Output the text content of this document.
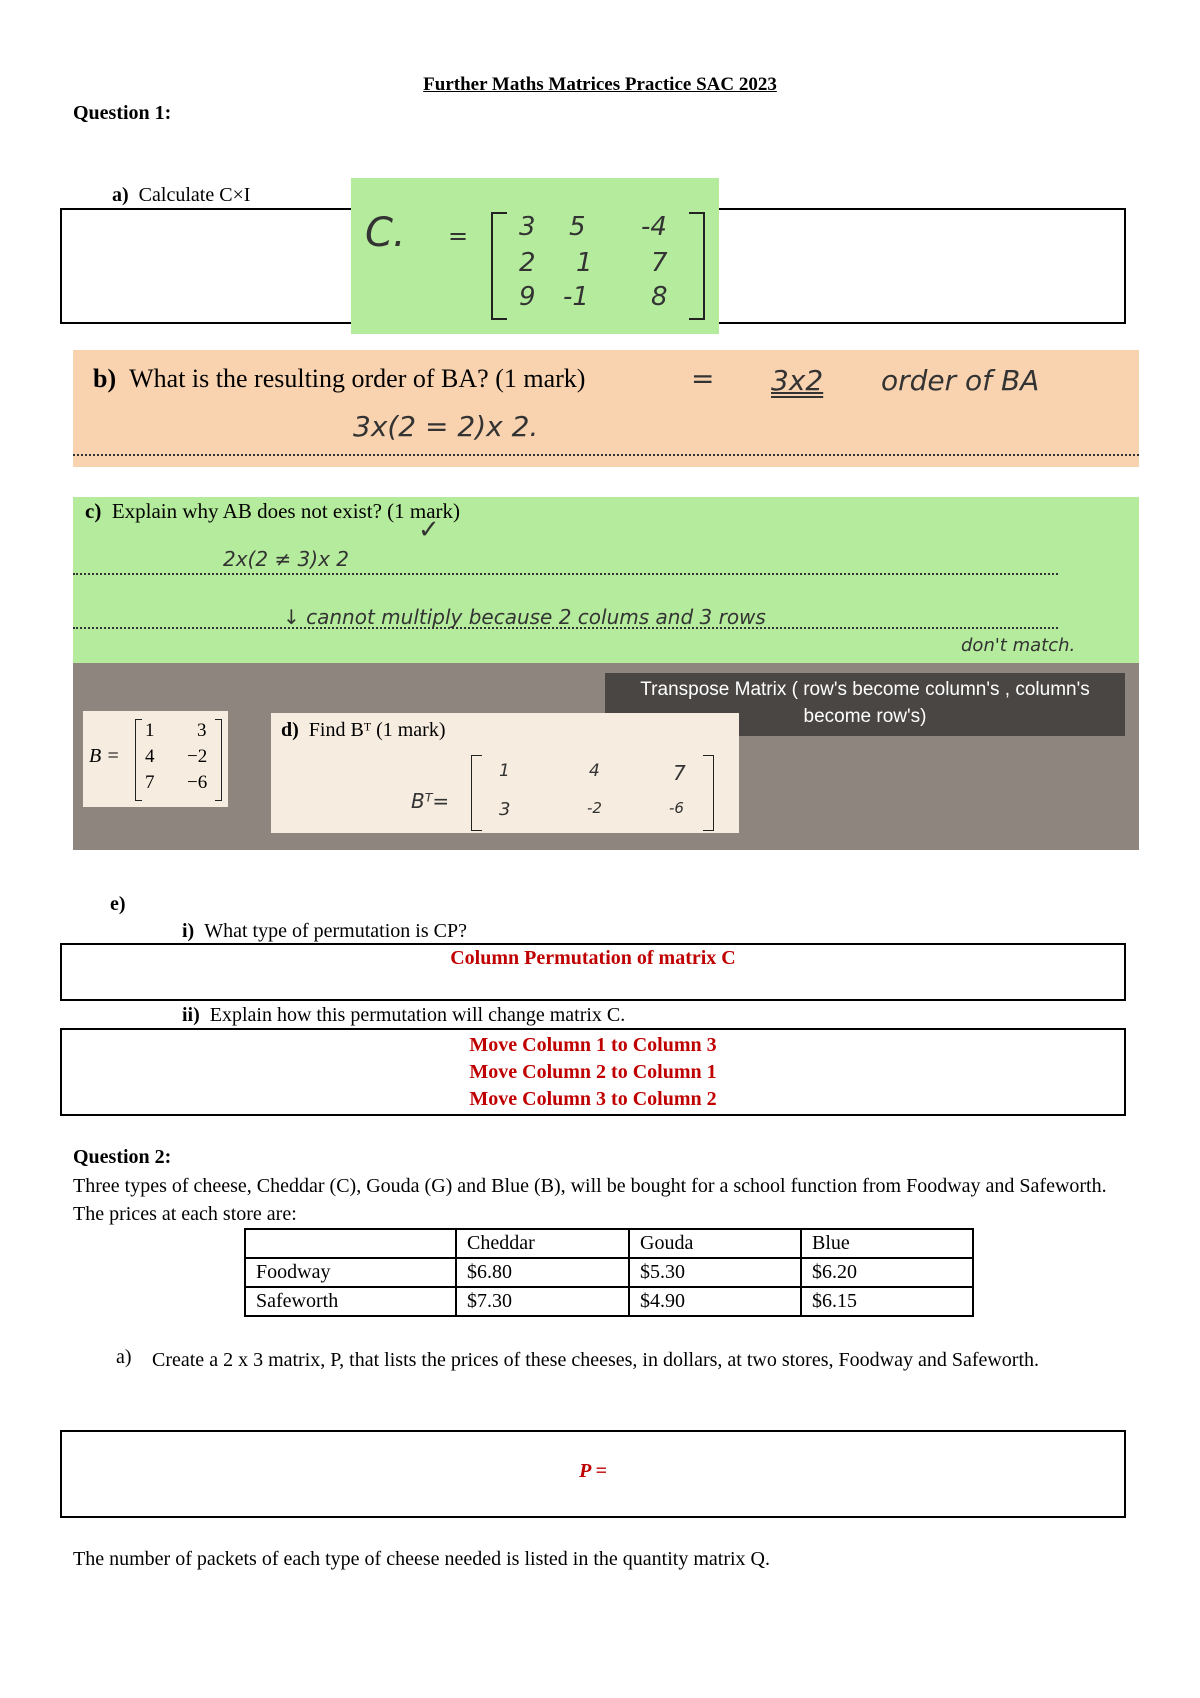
Further Maths Matrices Practice SAC 2023
Question 1:
a) Calculate C×I
C. = 3 5 -4
2 1 7
9 -1 8
b) What is the resulting order of BA? (1 mark)	= 3x2 order of BA
3x(2 = 2)x 2.
c) Explain why AB does not exist? (1 mark)
✓
2x(2 ≠ 3)x 2
↓ cannot multiply because 2 colums and 3 rows
don't match.
Transpose Matrix ( row's become column's , column's become row's)
B =
1 3
4 −2
7 −6
d) Find Bᵀ (1 mark)
Bᵀ=
1	4	7
3	-2	-6
e)
i) What type of permutation is CP?
Column Permutation of matrix C
ii) Explain how this permutation will change matrix C.
Move Column 1 to Column 3
Move Column 2 to Column 1
Move Column 3 to Column 2
Question 2:
Three types of cheese, Cheddar (C), Gouda (G) and Blue (B), will be bought for a school function from Foodway and Safeworth. The prices at each store are:
	Cheddar	Gouda	Blue
Foodway	$6.80	$5.30	$6.20
Safeworth	$7.30	$4.90	$6.15
a) Create a 2 x 3 matrix, P, that lists the prices of these cheeses, in dollars, at two stores, Foodway and Safeworth.
P =
The number of packets of each type of cheese needed is listed in the quantity matrix Q.
